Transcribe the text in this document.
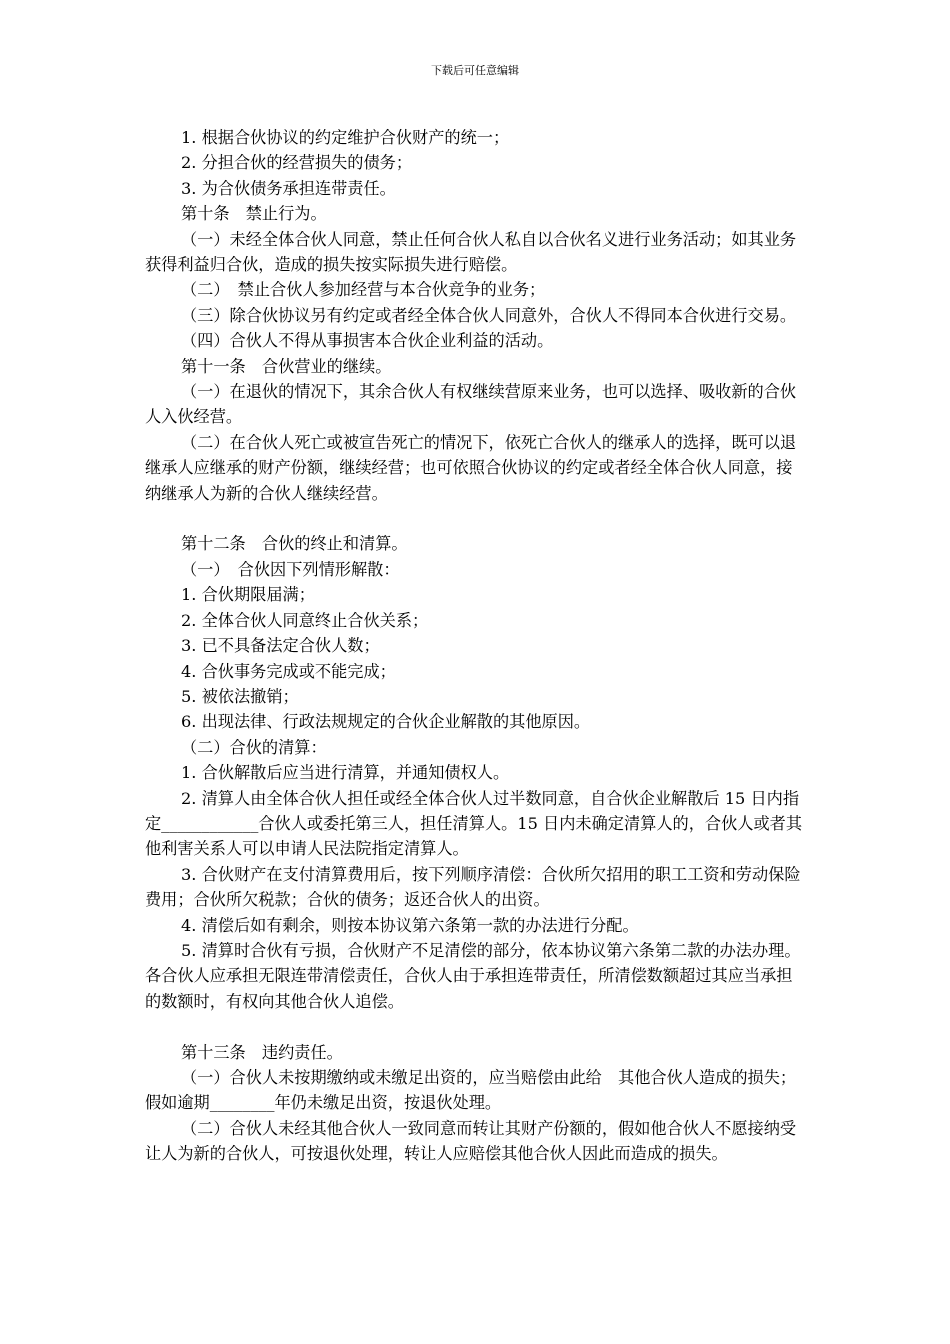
下载后可任意编辑

1. 根据合伙协议的约定维护合伙财产的统一；

2. 分担合伙的经营损失的债务；

3. 为合伙债务承担连带责任。

第十条　禁止行为。

（一）未经全体合伙人同意，禁止任何合伙人私自以合伙名义进行业务活动；如其业务获得利益归合伙，造成的损失按实际损失进行赔偿。

（二）　禁止合伙人参加经营与本合伙竞争的业务；

（三）除合伙协议另有约定或者经全体合伙人同意外，合伙人不得同本合伙进行交易。

（四）合伙人不得从事损害本合伙企业利益的活动。

第十一条　合伙营业的继续。

（一）在退伙的情况下，其余合伙人有权继续营原来业务，也可以选择、吸收新的合伙人入伙经营。

（二）在合伙人死亡或被宣告死亡的情况下，依死亡合伙人的继承人的选择，既可以退继承人应继承的财产份额，继续经营；也可依照合伙协议的约定或者经全体合伙人同意，接纳继承人为新的合伙人继续经营。

第十二条　合伙的终止和清算。

（一）　合伙因下列情形解散：

1. 合伙期限届满；

2. 全体合伙人同意终止合伙关系；

3. 已不具备法定合伙人数；

4. 合伙事务完成或不能完成；

5. 被依法撤销；

6. 出现法律、行政法规规定的合伙企业解散的其他原因。

（二）合伙的清算：

1. 合伙解散后应当进行清算，并通知债权人。

2. 清算人由全体合伙人担任或经全体合伙人过半数同意，自合伙企业解散后 15 日内指定____________合伙人或委托第三人，担任清算人。15 日内未确定清算人的，合伙人或者其他利害关系人可以申请人民法院指定清算人。

3. 合伙财产在支付清算费用后，按下列顺序清偿：合伙所欠招用的职工工资和劳动保险费用；合伙所欠税款；合伙的债务；返还合伙人的出资。

4. 清偿后如有剩余，则按本协议第六条第一款的办法进行分配。

5. 清算时合伙有亏损，合伙财产不足清偿的部分，依本协议第六条第二款的办法办理。各合伙人应承担无限连带清偿责任，合伙人由于承担连带责任，所清偿数额超过其应当承担的数额时，有权向其他合伙人追偿。

第十三条　违约责任。

（一）合伙人未按期缴纳或未缴足出资的，应当赔偿由此给　其他合伙人造成的损失；假如逾期________年仍未缴足出资，按退伙处理。

（二）合伙人未经其他合伙人一致同意而转让其财产份额的，假如他合伙人不愿接纳受让人为新的合伙人，可按退伙处理，转让人应赔偿其他合伙人因此而造成的损失。
